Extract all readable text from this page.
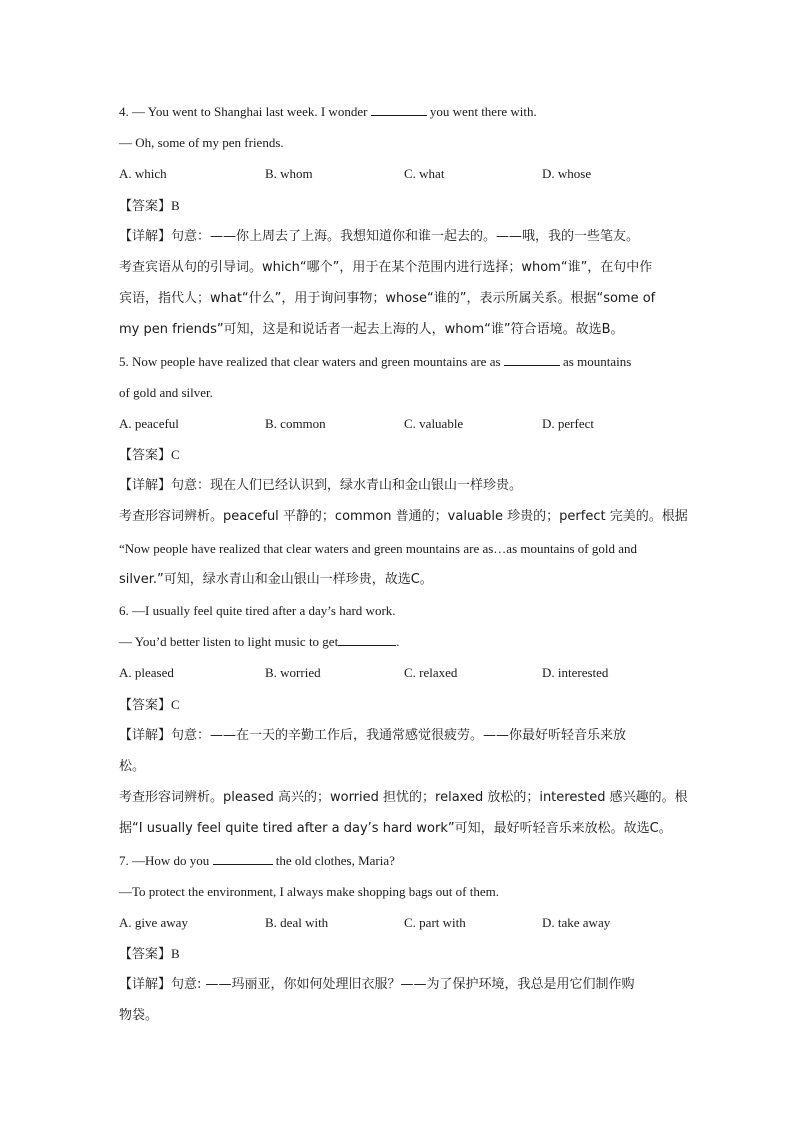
4. — You went to Shanghai last week. I wonder	you went there with.
— Oh, some of my pen friends.
A. which	B. whom	C. what	D. whose
【答案】B
【详解】句意：——你上周去了上海。我想知道你和谁一起去的。——哦，我的一些笔友。
考查宾语从句的引导词。which“哪个”，用于在某个范围内进行选择；whom“谁”，在句中作
宾语，指代人；what“什么”，用于询问事物；whose“谁的”，表示所属关系。根据“some of
my pen friends”可知，这是和说话者一起去上海的人，whom“谁”符合语境。故选B。
5. Now people have realized that clear waters and green mountains are as	as mountains
of gold and silver.
A. peaceful	B. common	C. valuable	D. perfect
【答案】C
【详解】句意：现在人们已经认识到，绿水青山和金山银山一样珍贵。
考查形容词辨析。peaceful 平静的；common 普通的；valuable 珍贵的；perfect 完美的。根据
“Now people have realized that clear waters and green mountains are as…as mountains of gold and
silver.”可知，绿水青山和金山银山一样珍贵，故选C。
6. —I usually feel quite tired after a day’s hard work.
— You’d better listen to light music to get	.
A. pleased	B. worried	C. relaxed	D. interested
【答案】C
【详解】句意：——在一天的辛勤工作后，我通常感觉很疲劳。——你最好听轻音乐来放
松。
考查形容词辨析。pleased 高兴的；worried 担忧的；relaxed 放松的；interested 感兴趣的。根
据“I usually feel quite tired after a day’s hard work”可知，最好听轻音乐来放松。故选C。
7. —How do you	the old clothes, Maria?
—To protect the environment, I always make shopping bags out of them.
A. give away	B. deal with	C. part with	D. take away
【答案】B
【详解】句意: ——玛丽亚，你如何处理旧衣服？——为了保护环境，我总是用它们制作购
物袋。
